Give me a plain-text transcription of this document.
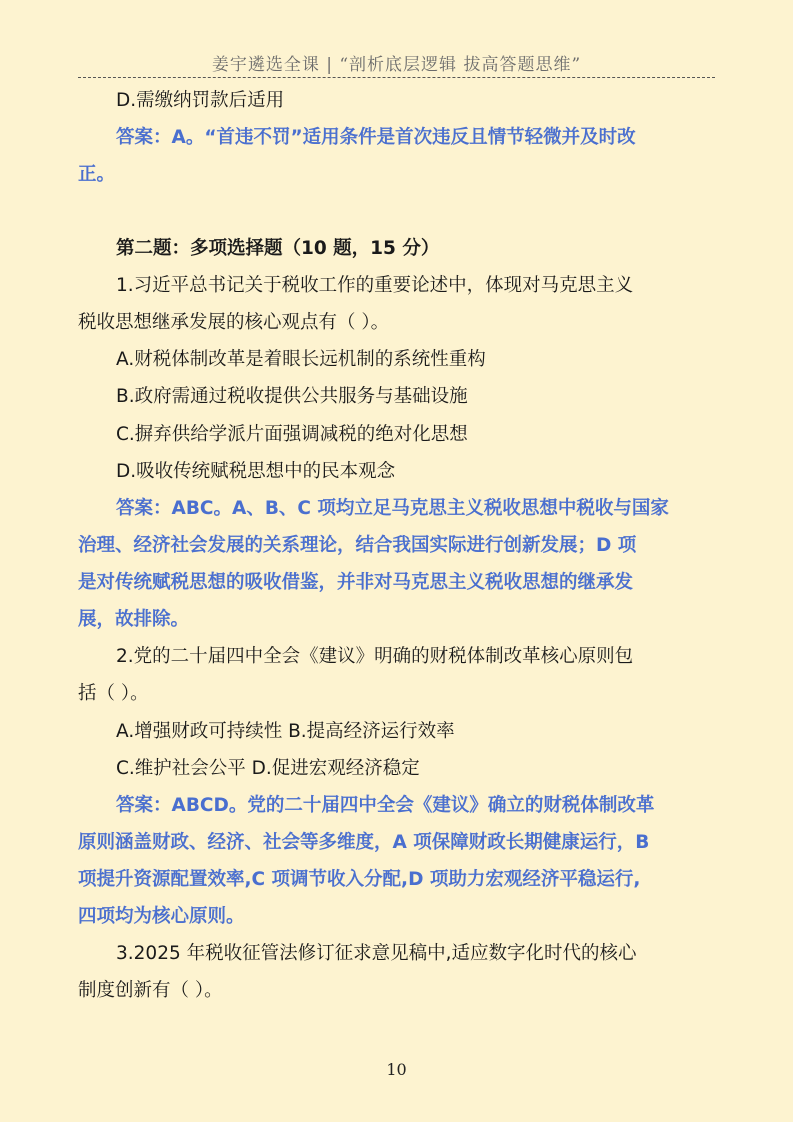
姜宇遴选全课 | “剖析底层逻辑 拔高答题思维”
D.需缴纳罚款后适用
答案：A。“首违不罚”适用条件是首次违反且情节轻微并及时改
正。
第二题：多项选择题（10 题，15 分）
1.习近平总书记关于税收工作的重要论述中，体现对马克思主义
税收思想继承发展的核心观点有（ ）。
A.财税体制改革是着眼长远机制的系统性重构
B.政府需通过税收提供公共服务与基础设施
C.摒弃供给学派片面强调减税的绝对化思想
D.吸收传统赋税思想中的民本观念
答案：ABC。A、B、C 项均立足马克思主义税收思想中税收与国家
治理、经济社会发展的关系理论，结合我国实际进行创新发展；D 项
是对传统赋税思想的吸收借鉴，并非对马克思主义税收思想的继承发
展，故排除。
2.党的二十届四中全会《建议》明确的财税体制改革核心原则包
括（ ）。
A.增强财政可持续性 B.提高经济运行效率
C.维护社会公平 D.促进宏观经济稳定
答案：ABCD。党的二十届四中全会《建议》确立的财税体制改革
原则涵盖财政、经济、社会等多维度，A 项保障财政长期健康运行，B
项提升资源配置效率,C 项调节收入分配,D 项助力宏观经济平稳运行,
四项均为核心原则。
3.2025 年税收征管法修订征求意见稿中,适应数字化时代的核心
制度创新有（ ）。
10
